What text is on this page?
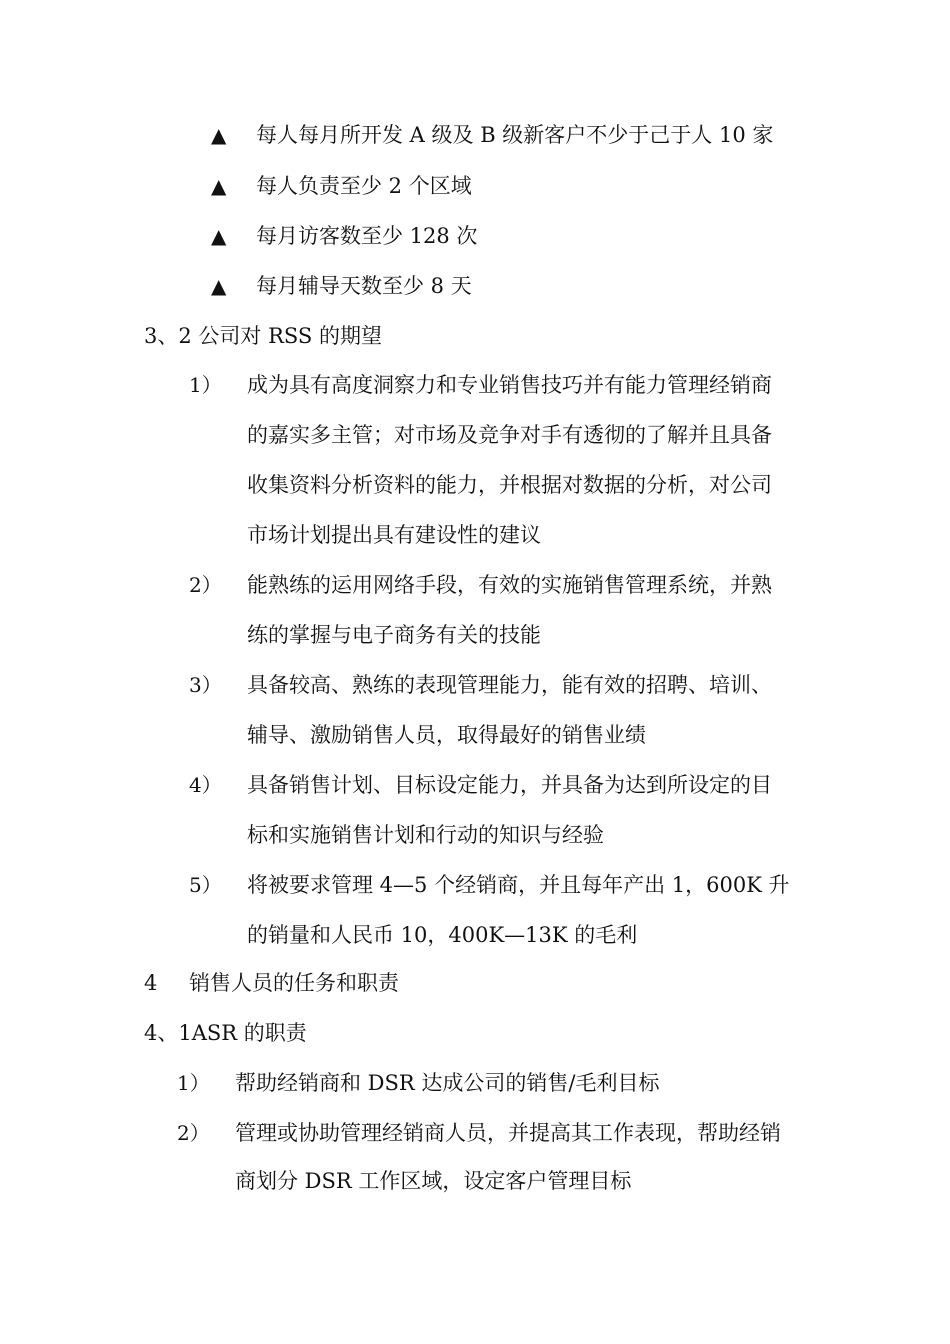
▲ 每人每月所开发 A 级及 B 级新客户不少于己于人 10 家
▲ 每人负责至少 2 个区域
▲ 每月访客数至少 128 次
▲ 每月辅导天数至少 8 天
3、2 公司对 RSS 的期望
1） 成为具有高度洞察力和专业销售技巧并有能力管理经销商
的嘉实多主管；对市场及竞争对手有透彻的了解并且具备
收集资料分析资料的能力，并根据对数据的分析，对公司
市场计划提出具有建设性的建议
2） 能熟练的运用网络手段，有效的实施销售管理系统，并熟
练的掌握与电子商务有关的技能
3） 具备较高、熟练的表现管理能力，能有效的招聘、培训、
辅导、激励销售人员，取得最好的销售业绩
4） 具备销售计划、目标设定能力，并具备为达到所设定的目
标和实施销售计划和行动的知识与经验
5） 将被要求管理 4—5 个经销商，并且每年产出 1，600K 升
的销量和人民币 10，400K—13K 的毛利
4 销售人员的任务和职责
4、1ASR 的职责
1） 帮助经销商和 DSR 达成公司的销售/毛利目标
2） 管理或协助管理经销商人员，并提高其工作表现，帮助经销
商划分 DSR 工作区域，设定客户管理目标
